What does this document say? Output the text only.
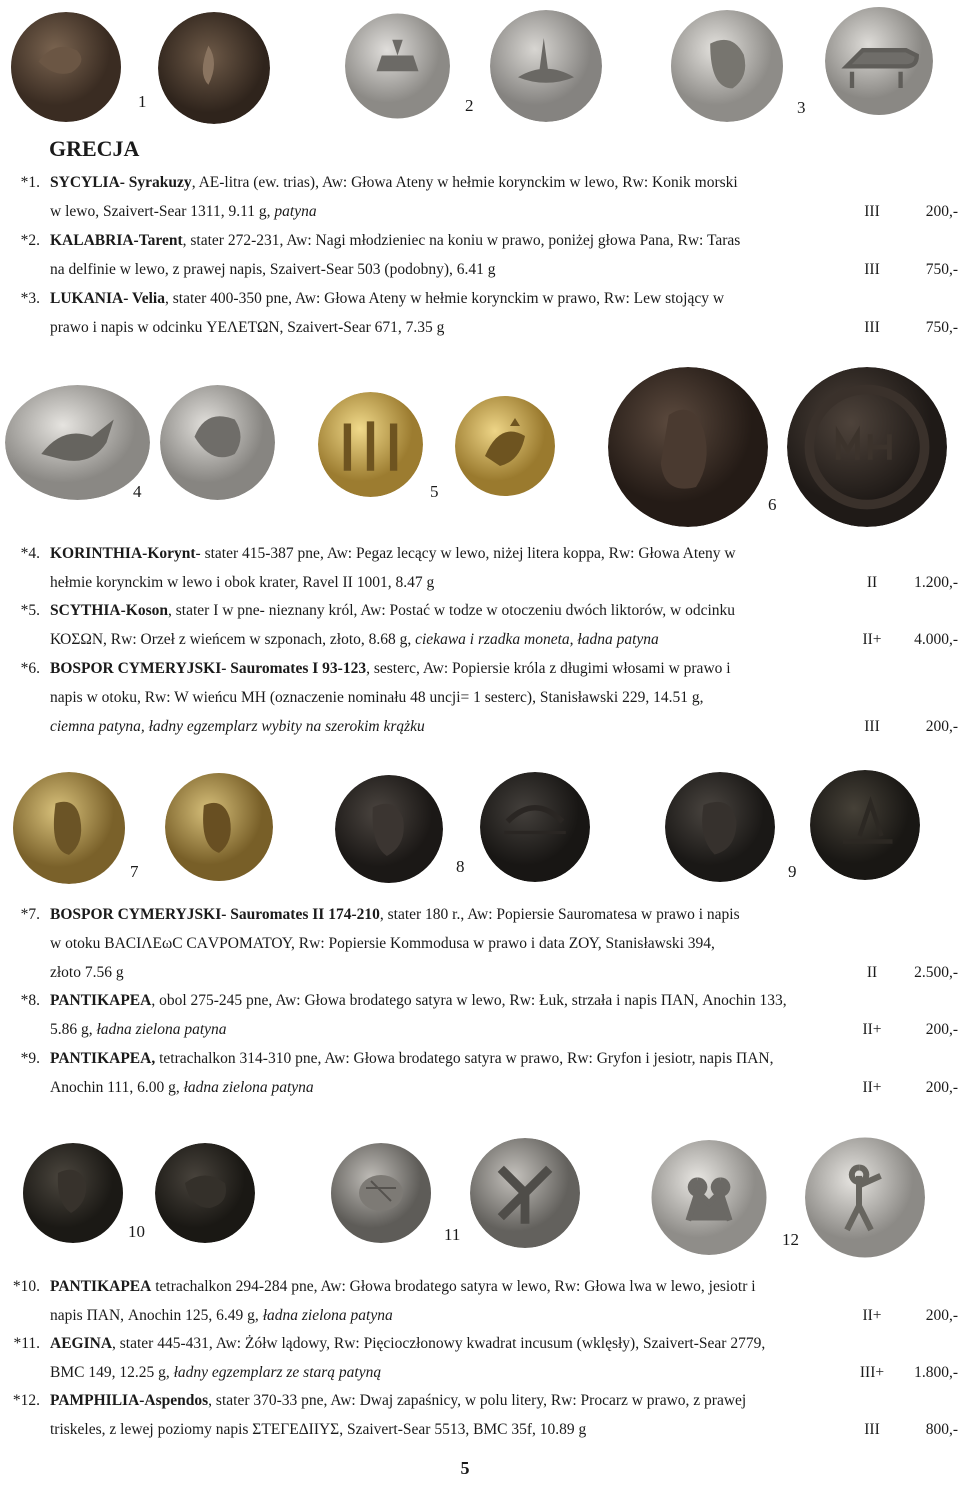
1	2	3
GRECJA
*1. SYCYLIA- Syrakuzy, AE-litra (ew. trias), Aw: Głowa Ateny w hełmie korynckim w lewo, Rw: Konik morski
w lewo, Szaivert-Sear 1311, 9.11 g, patyna	III	200,-
*2. KALABRIA-Tarent, stater 272-231, Aw: Nagi młodzieniec na koniu w prawo, poniżej głowa Pana, Rw: Taras
na delfinie w lewo, z prawej napis, Szaivert-Sear 503 (podobny), 6.41 g	III	750,-
*3. LUKANIA- Velia, stater 400-350 pne, Aw: Głowa Ateny w hełmie korynckim w prawo, Rw: Lew stojący w
prawo i napis w odcinku ΥΕΛΕΤΩΝ, Szaivert-Sear 671, 7.35 g	III	750,-
4	5
6
*4. KORINTHIA-Korynt- stater 415-387 pne, Aw: Pegaz lecący w lewo, niżej litera koppa, Rw: Głowa Ateny w
hełmie korynckim w lewo i obok krater, Ravel II 1001, 8.47 g	II	1.200,-
*5. SCYTHIA-Koson, stater I w pne- nieznany król, Aw: Postać w todze w otoczeniu dwóch liktorów, w odcinku
ΚΟΣΩΝ, Rw: Orzeł z wieńcem w szponach, złoto, 8.68 g, ciekawa i rzadka moneta, ładna patyna	II+	4.000,-
*6. BOSPOR CYMERYJSKI- Sauromates I 93-123, sesterc, Aw: Popiersie króla z długimi włosami w prawo i
napis w otoku, Rw: W wieńcu MH (oznaczenie nominału 48 uncji= 1 sesterc), Stanisławski 229, 14.51 g,
ciemna patyna, ładny egzemplarz wybity na szerokim krążku	III	200,-
7	8	9
*7. BOSPOR CYMERYJSKI- Sauromates II 174-210, stater 180 r., Aw: Popiersie Sauromatesa w prawo i napis
w otoku ΒΑCΙΛΕωC CΑVΡΟΜΑΤΟΥ, Rw: Popiersie Kommodusa w prawo i data ΖΟΥ, Stanisławski 394,
złoto 7.56 g	II	2.500,-
*8. PANTIKAPEA, obol 275-245 pne, Aw: Głowa brodatego satyra w lewo, Rw: Łuk, strzała i napis ΠΑΝ, Anochin 133,
5.86 g, ładna zielona patyna	II+	200,-
*9. PANTIKAPEA, tetrachalkon 314-310 pne, Aw: Głowa brodatego satyra w prawo, Rw: Gryfon i jesiotr, napis ΠΑΝ,
Anochin 111, 6.00 g, ładna zielona patyna	II+	200,-
10	11	12
*10. PANTIKAPEA tetrachalkon 294-284 pne, Aw: Głowa brodatego satyra w lewo, Rw: Głowa lwa w lewo, jesiotr i
napis ΠΑΝ, Anochin 125, 6.49 g, ładna zielona patyna	II+	200,-
*11. AEGINA, stater 445-431, Aw: Żółw lądowy, Rw: Pięcioczłonowy kwadrat incusum (wklęsły), Szaivert-Sear 2779,
BMC 149, 12.25 g, ładny egzemplarz ze starą patyną	III+	1.800,-
*12. PAMPHILIA-Aspendos, stater 370-33 pne, Aw: Dwaj zapaśnicy, w polu litery, Rw: Procarz w prawo, z prawej
triskeles, z lewej poziomy napis ΣΤΕΓΕΔΙΙΥΣ, Szaivert-Sear 5513, BMC 35f, 10.89 g	III	800,-
5
